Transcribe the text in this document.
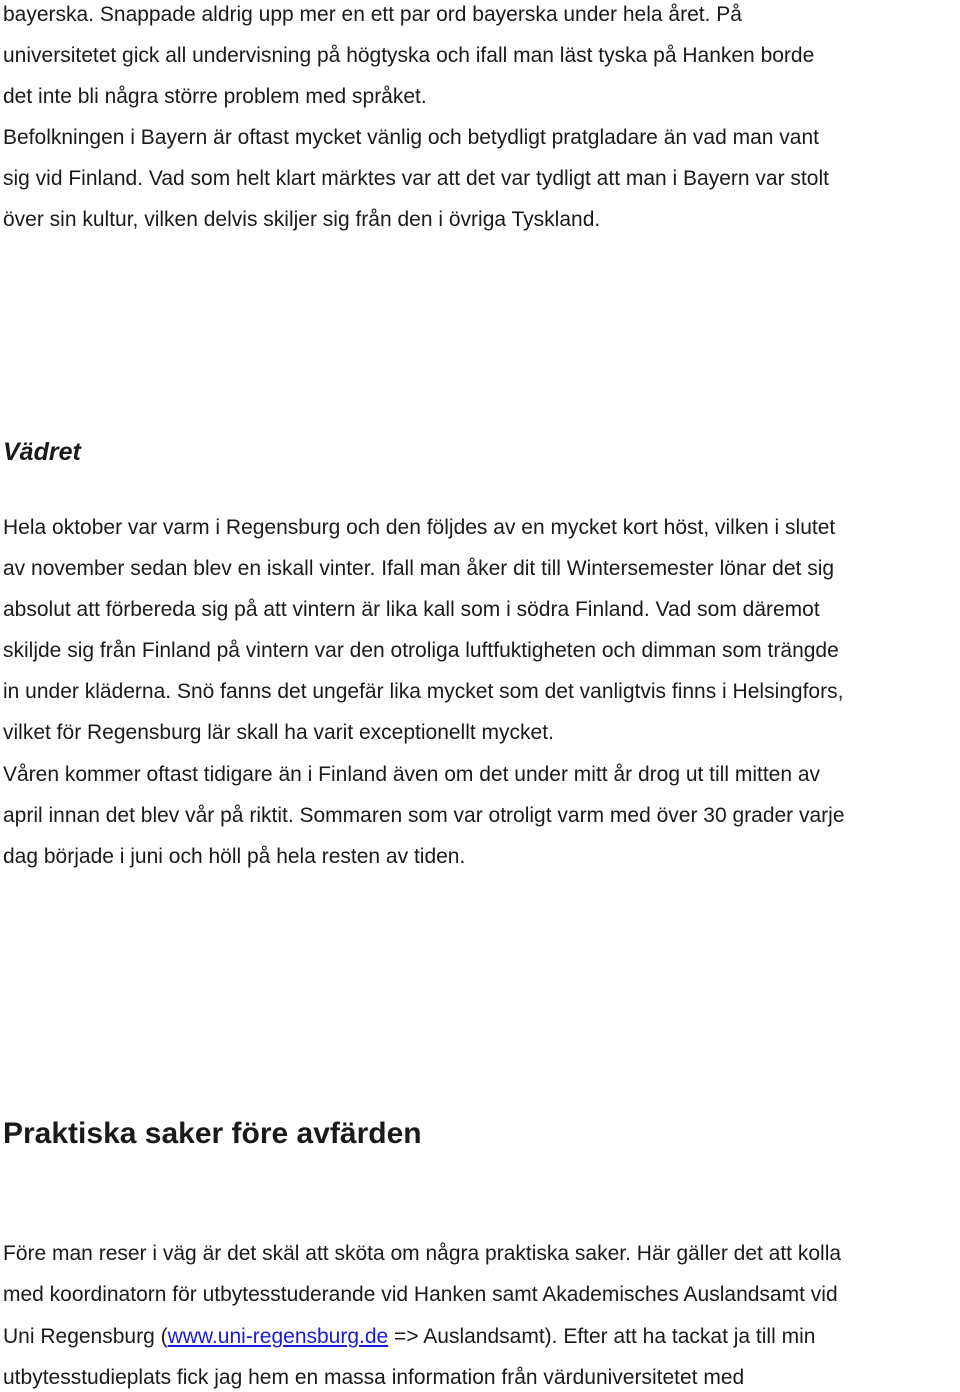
bayerska. Snappade aldrig upp mer en ett par ord bayerska under hela året. På
universitetet gick all undervisning på högtyska och ifall man läst tyska på Hanken borde
det inte bli några större problem med språket.
Befolkningen i Bayern är oftast mycket vänlig och betydligt pratgladare än vad man vant
sig vid Finland. Vad som helt klart märktes var att det var tydligt att man i Bayern var stolt
över sin kultur, vilken delvis skiljer sig från den i övriga Tyskland.
Vädret
Hela oktober var varm i Regensburg och den följdes av en mycket kort höst, vilken i slutet
av november sedan blev en iskall vinter. Ifall man åker dit till Wintersemester lönar det sig
absolut att förbereda sig på att vintern är lika kall som i södra Finland. Vad som däremot
skiljde sig från Finland på vintern var den otroliga luftfuktigheten och dimman som trängde
in under kläderna. Snö fanns det ungefär lika mycket som det vanligtvis finns i Helsingfors,
vilket för Regensburg lär skall ha varit exceptionellt mycket.
Våren kommer oftast tidigare än i Finland även om det under mitt år drog ut till mitten av
april innan det blev vår på riktit. Sommaren som var otroligt varm med över 30 grader varje
dag började i juni och höll på hela resten av tiden.
Praktiska saker före avfärden
Före man reser i väg är det skäl att sköta om några praktiska saker. Här gäller det att kolla
med koordinatorn för utbytesstuderande vid Hanken samt Akademisches Auslandsamt vid
Uni Regensburg (www.uni-regensburg.de => Auslandsamt). Efter att ha tackat ja till min
utbytesstudieplats fick jag hem en massa information från värduniversitetet med
